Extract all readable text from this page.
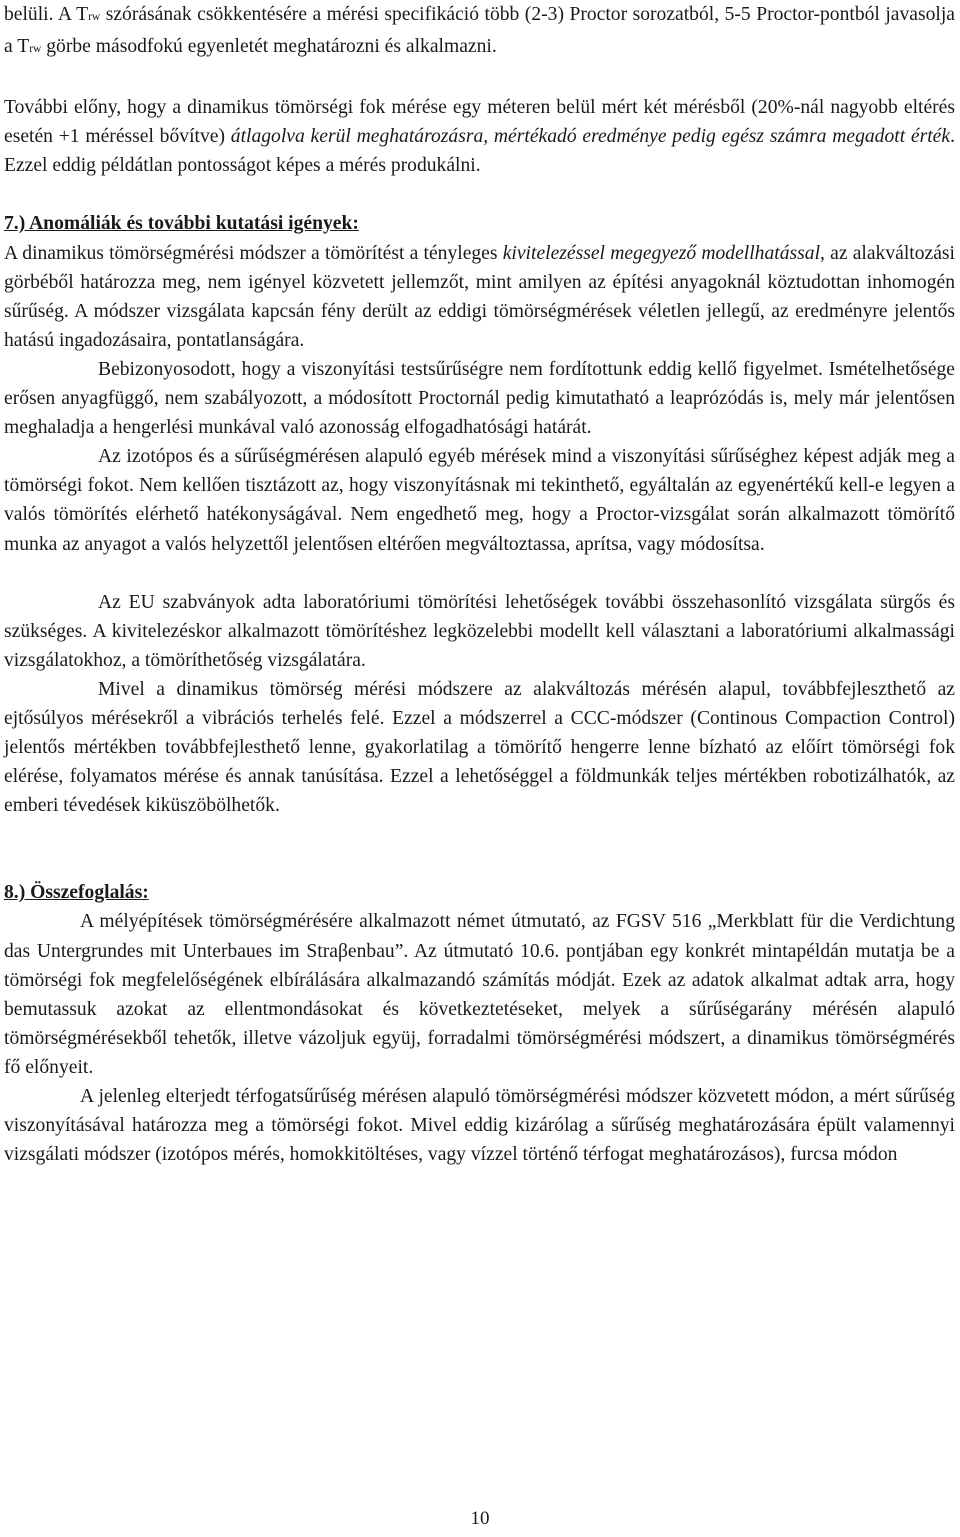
belüli. A Trw szórásának csökkentésére a mérési specifikáció több (2-3) Proctor sorozatból, 5-5 Proctor-pontból javasolja a Trw görbe másodfokú egyenletét meghatározni és alkalmazni.

További előny, hogy a dinamikus tömörségi fok mérése egy méteren belül mért két mérésből (20%-nál nagyobb eltérés esetén +1 méréssel bővítve) átlagolva kerül meghatározásra, mértékadó eredménye pedig egész számra megadott érték. Ezzel eddig példátlan pontosságot képes a mérés produkálni.

7.) Anomáliák és további kutatási igények:

A dinamikus tömörségmérési módszer a tömörítést a tényleges kivitelezéssel megegyező modellhatással, az alakváltozási görbéből határozza meg, nem igényel közvetett jellemzőt, mint amilyen az építési anyagoknál köztudottan inhomogén sűrűség. A módszer vizsgálata kapcsán fény derült az eddigi tömörségmérések véletlen jellegű, az eredményre jelentős hatású ingadozásaira, pontatlanságára.

Bebizonyosodott, hogy a viszonyítási testsűrűségre nem fordítottunk eddig kellő figyelmet. Ismételhetősége erősen anyagfüggő, nem szabályozott, a módosított Proctornál pedig kimutatható a leaprózódás is, mely már jelentősen meghaladja a hengerlési munkával való azonosság elfogadhatósági határát.

Az izotópos és a sűrűségmérésen alapuló egyéb mérések mind a viszonyítási sűrűséghez képest adják meg a tömörségi fokot. Nem kellően tisztázott az, hogy viszonyításnak mi tekinthető, egyáltalán az egyenértékű kell-e legyen a valós tömörítés elérhető hatékonyságával. Nem engedhető meg, hogy a Proctor-vizsgálat során alkalmazott tömörítő munka az anyagot a valós helyzettől jelentősen eltérően megváltoztassa, aprítsa, vagy módosítsa.

Az EU szabványok adta laboratóriumi tömörítési lehetőségek további összehasonlító vizsgálata sürgős és szükséges. A kivitelezéskor alkalmazott tömörítéshez legközelebbi modellt kell választani a laboratóriumi alkalmassági vizsgálatokhoz, a tömöríthetőség vizsgálatára.

Mivel a dinamikus tömörség mérési módszere az alakváltozás mérésén alapul, továbbfejleszthető az ejtősúlyos mérésekről a vibrációs terhelés felé. Ezzel a módszerrel a CCC-módszer (Continous Compaction Control) jelentős mértékben továbbfejlesthető lenne, gyakorlatilag a tömörítő hengerre lenne bízható az előírt tömörségi fok elérése, folyamatos mérése és annak tanúsítása. Ezzel a lehetőséggel a földmunkák teljes mértékben robotizálhatók, az emberi tévedések kiküszöbölhetők.

8.) Összefoglalás:

A mélyépítések tömörségmérésére alkalmazott német útmutató, az FGSV 516 „Merkblatt für die Verdichtung das Untergrundes mit Unterbaues im Straβenbau”. Az útmutató 10.6. pontjában egy konkrét mintapéldán mutatja be a tömörségi fok megfelelőségének elbírálására alkalmazandó számítás módját. Ezek az adatok alkalmat adtak arra, hogy bemutassuk azokat az ellentmondásokat és következtetéseket, melyek a sűrűségarány mérésén alapuló tömörségmérésekből tehetők, illetve vázoljuk együj, forradalmi tömörségmérési módszert, a dinamikus tömörségmérés fő előnyeit.

A jelenleg elterjedt térfogatsűrűség mérésen alapuló tömörségmérési módszer közvetett módon, a mért sűrűség viszonyításával határozza meg a tömörségi fokot. Mivel eddig kizárólag a sűrűség meghatározására épült valamennyi vizsgálati módszer (izotópos mérés, homokkitöltéses, vagy vízzel történő térfogat meghatározásos), furcsa módon

10
